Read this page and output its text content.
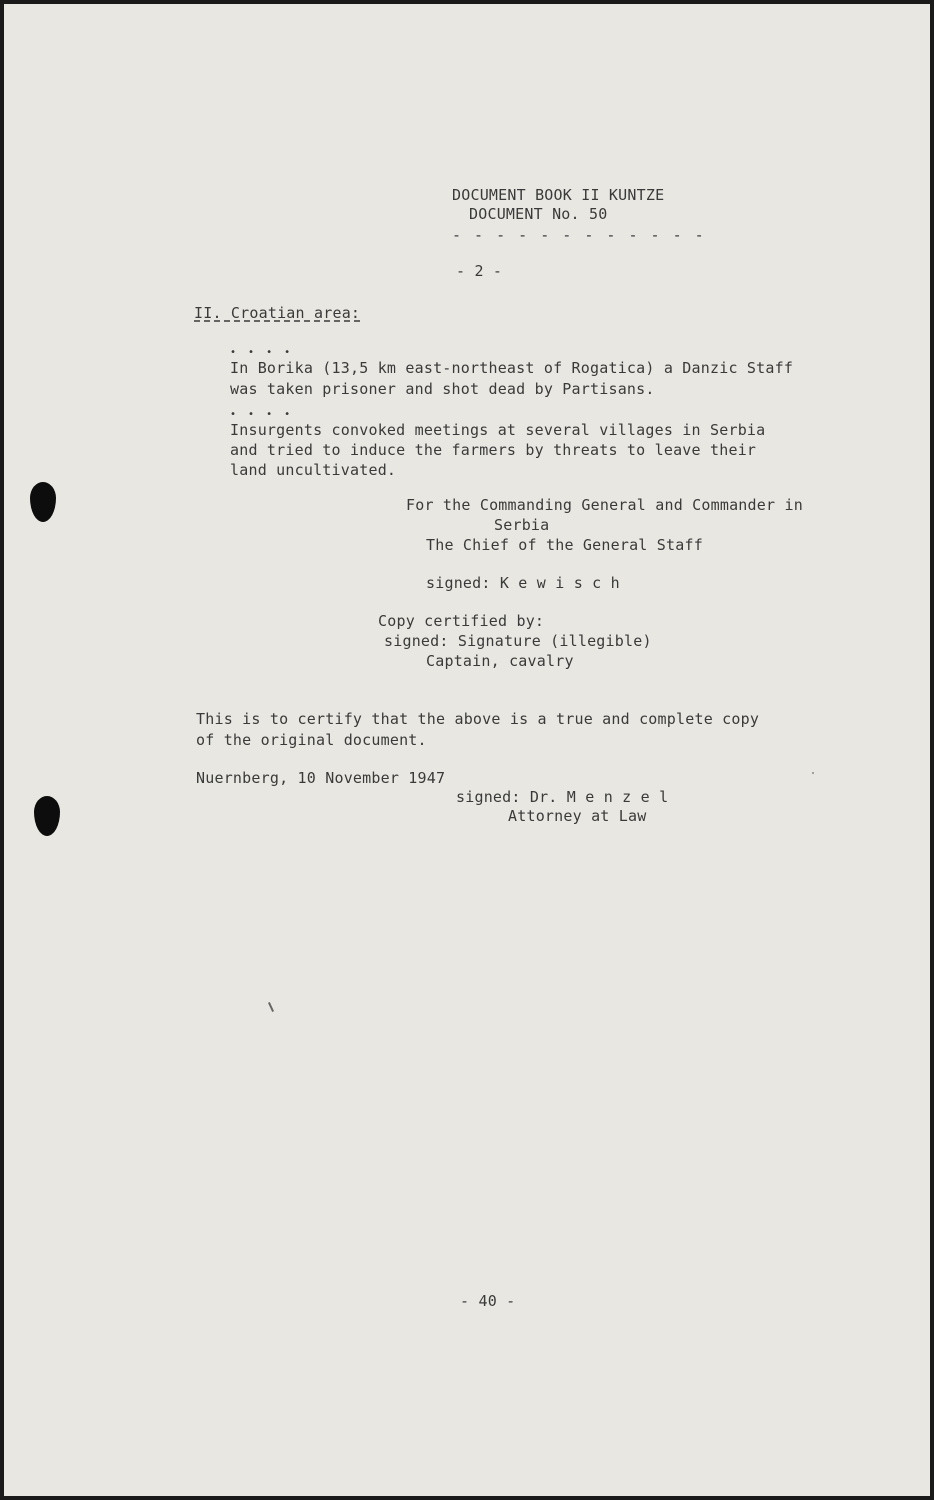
DOCUMENT BOOK II KUNTZE
DOCUMENT No. 50
- - - - - - - - - - - -
- 2 -
II. Croatian area:
• • • •
In Borika (13,5 km east-northeast of Rogatica) a Danzic Staff
was taken prisoner and shot dead by Partisans.
• • • •
Insurgents convoked meetings at several villages in Serbia
and tried to induce the farmers by threats to leave their
land uncultivated.
For the Commanding General and Commander in
Serbia
The Chief of the General Staff
signed: K e w i s c h
Copy certified by:
signed: Signature (illegible)
Captain, cavalry
This is to certify that the above is a true and complete copy
of the original document.
Nuernberg, 10 November 1947
signed: Dr. M e n z e l
Attorney at Law
- 40 -
